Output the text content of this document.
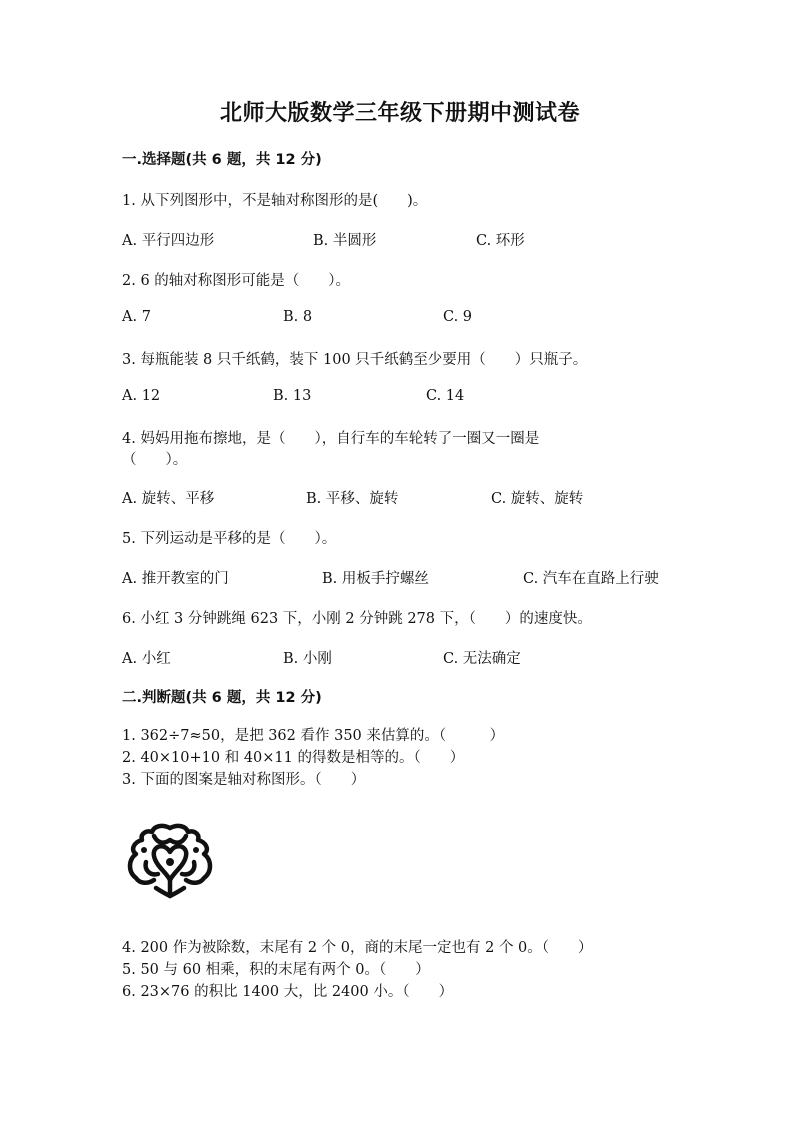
北师大版数学三年级下册期中测试卷
一.选择题(共 6 题，共 12 分)
1. 从下列图形中，不是轴对称图形的是(　　)。
A. 平行四边形	B. 半圆形	C. 环形
2. 6 的轴对称图形可能是（　　）。
A. 7	B. 8	C. 9
3. 每瓶能装 8 只千纸鹤，装下 100 只千纸鹤至少要用（　　）只瓶子。
A. 12	B. 13	C. 14
4. 妈妈用拖布擦地，是（　　），自行车的车轮转了一圈又一圈是
（　　）。
A. 旋转、平移	B. 平移、旋转	C. 旋转、旋转
5. 下列运动是平移的是（　　）。
A. 推开教室的门	B. 用板手拧螺丝	C. 汽车在直路上行驶
6. 小红 3 分钟跳绳 623 下，小刚 2 分钟跳 278 下，（　　）的速度快。
A. 小红	B. 小刚	C. 无法确定
二.判断题(共 6 题，共 12 分)
1. 362÷7≈50，是把 362 看作 350 来估算的。（　　　）
2. 40×10+10 和 40×11 的得数是相等的。（　　）
3. 下面的图案是轴对称图形。（　　）
4. 200 作为被除数，末尾有 2 个 0，商的末尾一定也有 2 个 0。（　　）
5. 50 与 60 相乘，积的末尾有两个 0。（　　）
6. 23×76 的积比 1400 大，比 2400 小。（　　）
